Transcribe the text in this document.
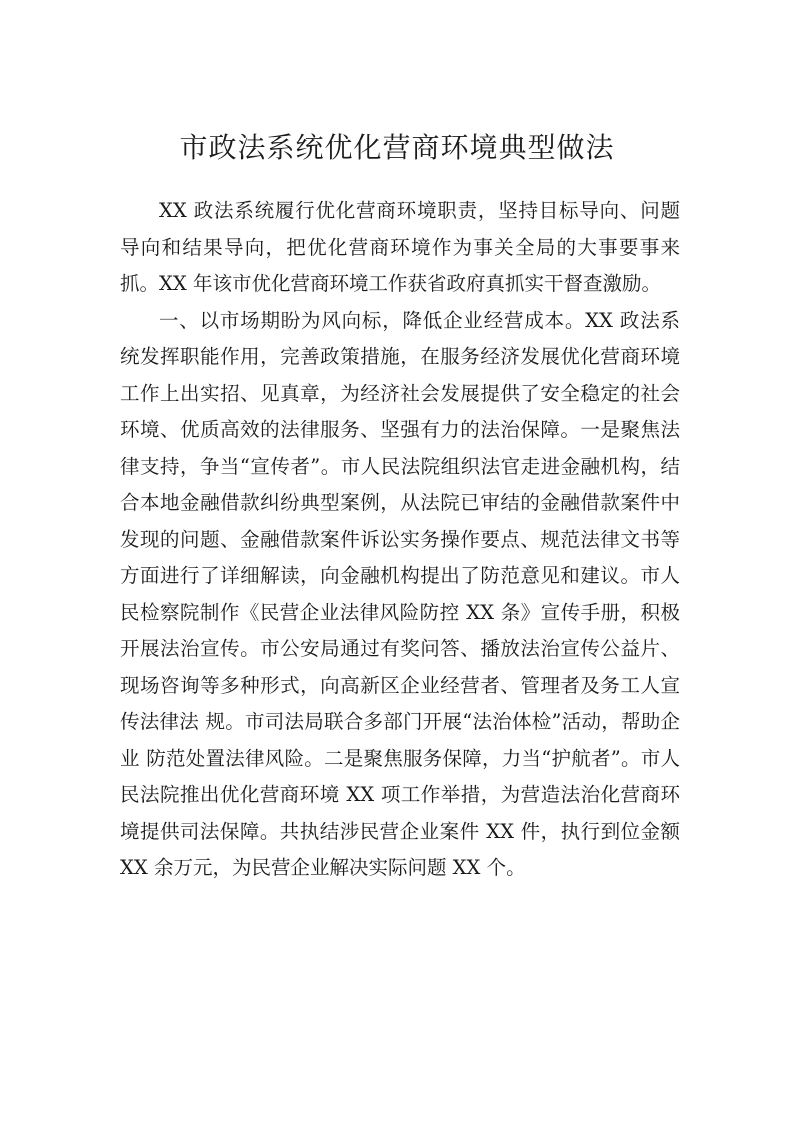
市政法系统优化营商环境典型做法

XX 政法系统履行优化营商环境职责，坚持目标导向、问题导向和结果导向，把优化营商环境作为事关全局的大事要事来抓。XX 年该市优化营商环境工作获省政府真抓实干督查激励。

一、以市场期盼为风向标，降低企业经营成本。XX 政法系统发挥职能作用，完善政策措施，在服务经济发展优化营商环境工作上出实招、见真章，为经济社会发展提供了安全稳定的社会环境、优质高效的法律服务、坚强有力的法治保障。一是聚焦法律支持，争当“宣传者”。市人民法院组织法官走进金融机构，结合本地金融借款纠纷典型案例，从法院已审结的金融借款案件中发现的问题、金融借款案件诉讼实务操作要点、规范法律文书等方面进行了详细解读，向金融机构提出了防范意见和建议。市人民检察院制作《民营企业法律风险防控 XX 条》宣传手册，积极开展法治宣传。市公安局通过有奖问答、播放法治宣传公益片、现场咨询等多种形式，向高新区企业经营者、管理者及务工人宣传法律法 规。市司法局联合多部门开展“法治体检”活动，帮助企业 防范处置法律风险。二是聚焦服务保障，力当“护航者”。市人民法院推出优化营商环境 XX 项工作举措，为营造法治化营商环境提供司法保障。共执结涉民营企业案件 XX 件，执行到位金额 XX 余万元，为民营企业解决实际问题 XX 个。
